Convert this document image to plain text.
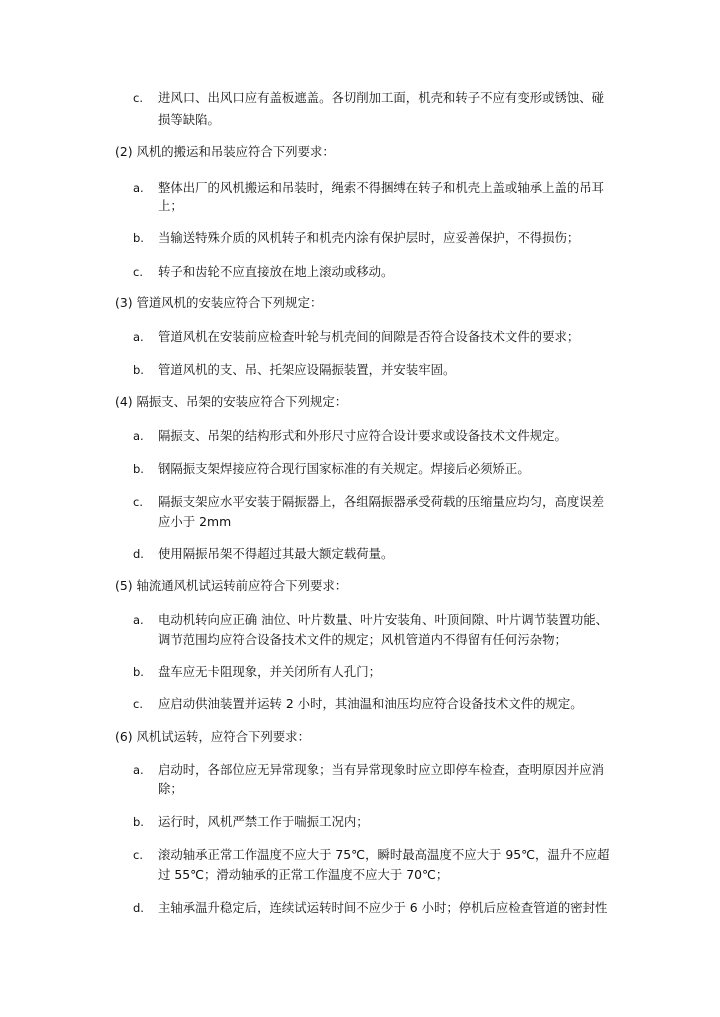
c. 进风口、出风口应有盖板遮盖。各切削加工面，机壳和转子不应有变形或锈蚀、碰
损等缺陷。
(2) 风机的搬运和吊装应符合下列要求：
a. 整体出厂的风机搬运和吊装时，绳索不得捆缚在转子和机壳上盖或轴承上盖的吊耳
上；
b. 当输送特殊介质的风机转子和机壳内涂有保护层时，应妥善保护，不得损伤；
c. 转子和齿轮不应直接放在地上滚动或移动。
(3) 管道风机的安装应符合下列规定：
a. 管道风机在安装前应检查叶轮与机壳间的间隙是否符合设备技术文件的要求；
b. 管道风机的支、吊、托架应设隔振装置，并安装牢固。
(4) 隔振支、吊架的安装应符合下列规定：
a. 隔振支、吊架的结构形式和外形尺寸应符合设计要求或设备技术文件规定。
b. 钢隔振支架焊接应符合现行国家标准的有关规定。焊接后必须矫正。
c. 隔振支架应水平安装于隔振器上，各组隔振器承受荷载的压缩量应均匀，高度误差
应小于 2mm
d. 使用隔振吊架不得超过其最大额定载荷量。
(5) 轴流通风机试运转前应符合下列要求：
a. 电动机转向应正确 油位、叶片数量、叶片安装角、叶顶间隙、叶片调节装置功能、
调节范围均应符合设备技术文件的规定；风机管道内不得留有任何污杂物；
b. 盘车应无卡阻现象，并关闭所有人孔门；
c. 应启动供油装置并运转 2 小时，其油温和油压均应符合设备技术文件的规定。
(6) 风机试运转，应符合下列要求：
a. 启动时，各部位应无异常现象；当有异常现象时应立即停车检查，查明原因并应消
除；
b. 运行时，风机严禁工作于喘振工况内；
c. 滚动轴承正常工作温度不应大于 75℃，瞬时最高温度不应大于 95℃，温升不应超
过 55℃；滑动轴承的正常工作温度不应大于 70℃；
d. 主轴承温升稳定后，连续试运转时间不应少于 6 小时；停机后应检查管道的密封性
